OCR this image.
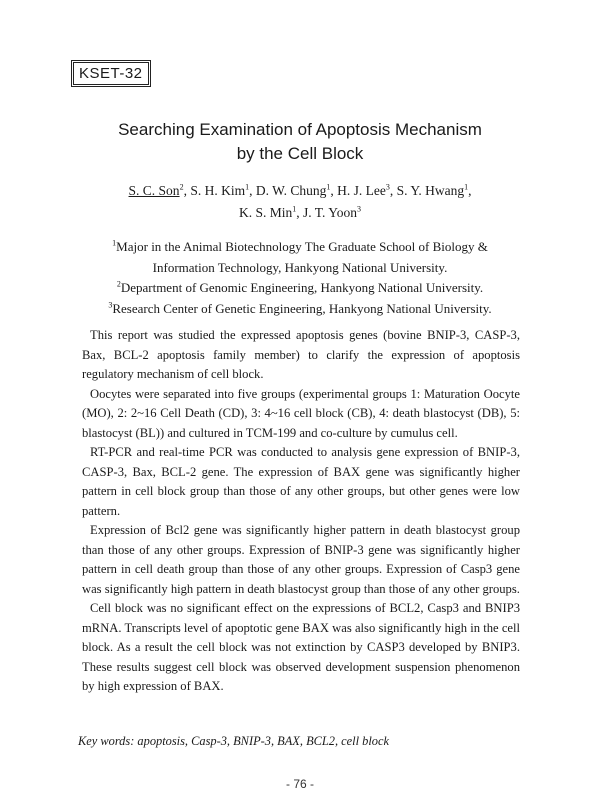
KSET-32
Searching Examination of Apoptosis Mechanism
by the Cell Block
S. C. Son$^2$, S. H. Kim$^1$, D. W. Chung$^1$, H. J. Lee$^3$, S. Y. Hwang$^1$,
K. S. Min$^1$, J. T. Yoon$^3$
$^1$Major in the Animal Biotechnology The Graduate School of Biology &
Information Technology, Hankyong National University.
$^2$Department of Genomic Engineering, Hankyong National University.
$^3$Research Center of Genetic Engineering, Hankyong National University.

This report was studied the expressed apoptosis genes (bovine BNIP-3, CASP-3, Bax, BCL-2 apoptosis family member) to clarify the expression of apoptosis regulatory mechanism of cell block.

Oocytes were separated into five groups (experimental groups 1: Maturation Oocyte (MO), 2: 2~16 Cell Death (CD), 3: 4~16 cell block (CB), 4: death blastocyst (DB), 5: blastocyst (BL)) and cultured in TCM-199 and co-culture by cumulus cell.

RT-PCR and real-time PCR was conducted to analysis gene expression of BNIP-3, CASP-3, Bax, BCL-2 gene. The expression of BAX gene was significantly higher pattern in cell block group than those of any other groups, but other genes were low pattern.

Expression of Bcl2 gene was significantly higher pattern in death blastocyst group than those of any other groups. Expression of BNIP-3 gene was significantly higher pattern in cell death group than those of any other groups. Expression of Casp3 gene was significantly high pattern in death blastocyst group than those of any other groups.

Cell block was no significant effect on the expressions of BCL2, Casp3 and BNIP3 mRNA. Transcripts level of apoptotic gene BAX was also significantly high in the cell block. As a result the cell block was not extinction by CASP3 developed by BNIP3. These results suggest cell block was observed development suspension phenomenon by high expression of BAX.

Key words: apoptosis, Casp-3, BNIP-3, BAX, BCL2, cell block
- 76 -
